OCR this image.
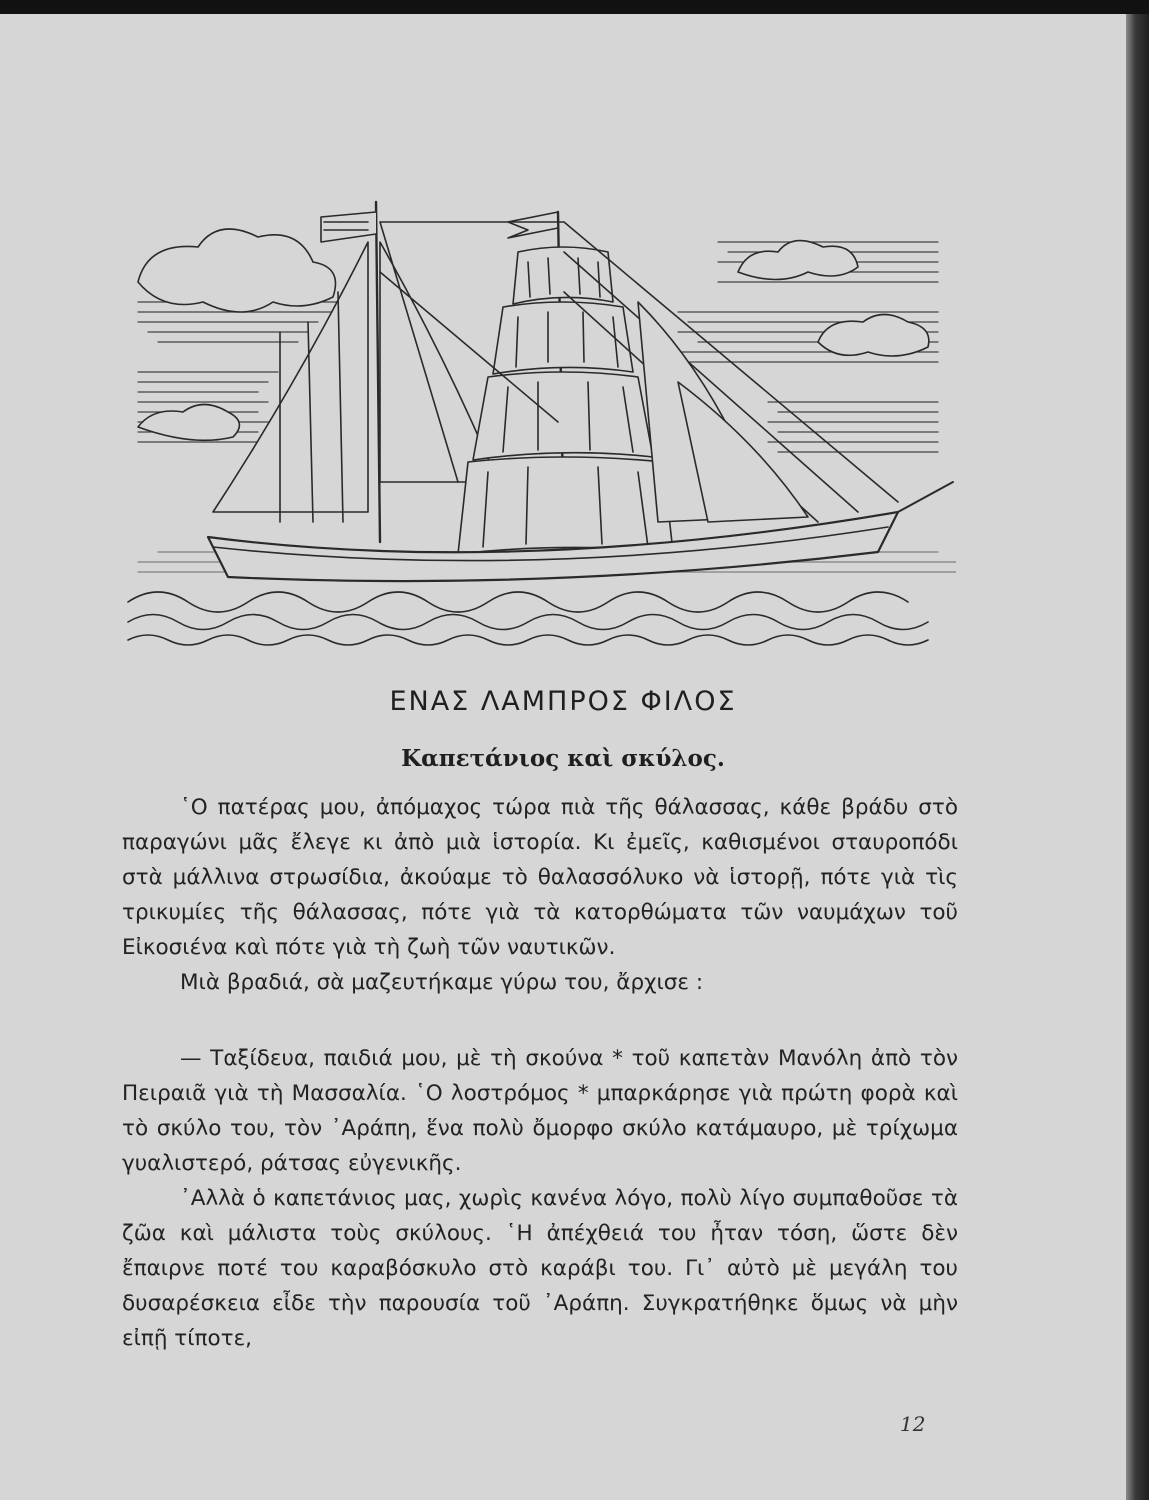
ΕΝΑΣ ΛΑΜΠΡΟΣ ΦΙΛΟΣ
Καπετάνιος καὶ σκύλος.

῾Ο πατέρας μου, ἀπόμαχος τώρα πιὰ τῆς θάλασσας, κάθε βράδυ στὸ παραγώνι μᾶς ἔλεγε κι ἀπὸ μιὰ ἱστορία. Κι ἐμεῖς, καθισμένοι σταυροπόδι στὰ μάλλινα στρωσίδια, ἀκούαμε τὸ θαλασσόλυκο νὰ ἱστορῇ, πότε γιὰ τὶς τρικυμίες τῆς θάλασσας, πότε γιὰ τὰ κατορθώματα τῶν ναυμάχων τοῦ Εἰκοσιένα καὶ πότε γιὰ τὴ ζωὴ τῶν ναυτικῶν.

Μιὰ βραδιά, σὰ μαζευτήκαμε γύρω του, ἄρχισε :

— Ταξίδευα, παιδιά μου, μὲ τὴ σκούνα * τοῦ καπετὰν Μανόλη ἀπὸ τὸν Πειραιᾶ γιὰ τὴ Μασσαλία. ῾Ο λοστρόμος * μπαρκάρησε γιὰ πρώτη φορὰ καὶ τὸ σκύλο του, τὸν ᾿Αράπη, ἕνα πολὺ ὄμορφο σκύλο κατάμαυρο, μὲ τρίχωμα γυαλιστερό, ράτσας εὐγενικῆς.

᾿Αλλὰ ὁ καπετάνιος μας, χωρὶς κανένα λόγο, πολὺ λίγο συμπαθοῦσε τὰ ζῶα καὶ μάλιστα τοὺς σκύλους. ῾Η ἀπέχθειά του ἦταν τόση, ὥστε δὲν ἔπαιρνε ποτέ του καραβόσκυλο στὸ καράβι του. Γι᾿ αὐτὸ μὲ μεγάλη του δυσαρέσκεια εἶδε τὴν παρουσία τοῦ ᾿Αράπη. Συγκρατήθηκε ὅμως νὰ μὴν εἰπῇ τίποτε,

12
